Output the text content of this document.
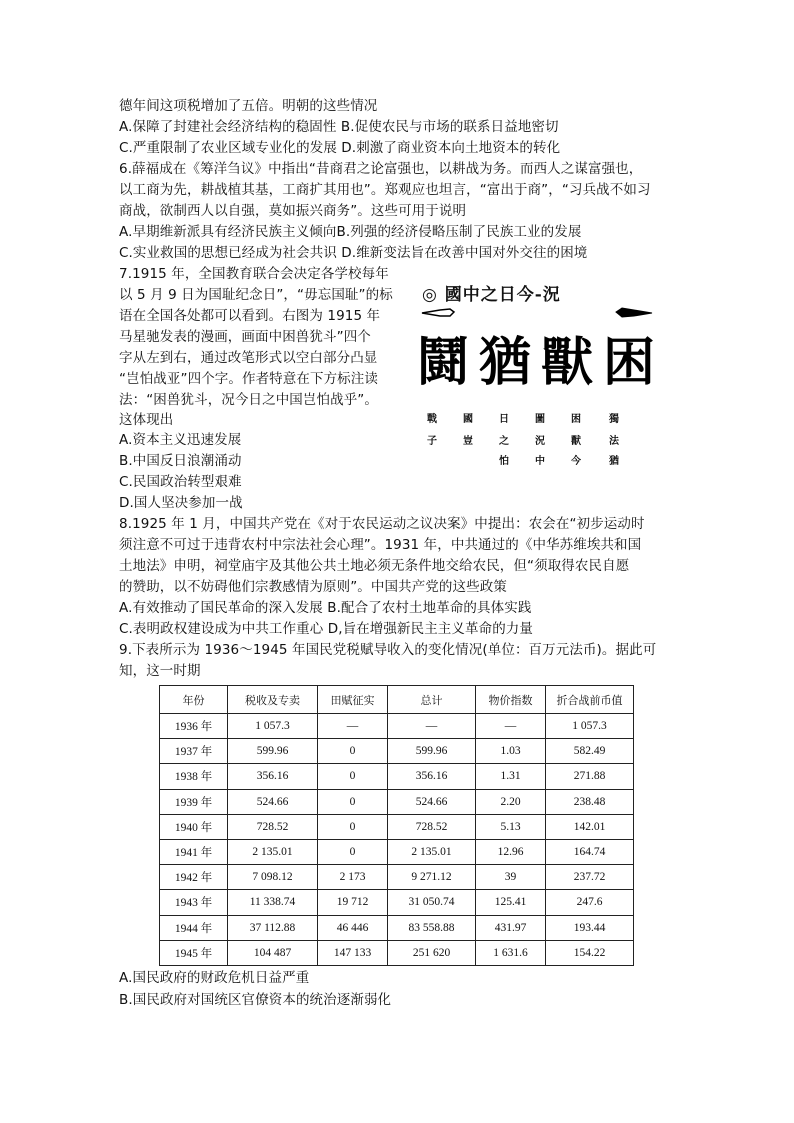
德年间这项税增加了五倍。明朝的这些情况
A.保障了封建社会经济结构的稳固性 B.促使农民与市场的联系日益地密切
C.严重限制了农业区域专业化的发展 D.刺激了商业资本向土地资本的转化
6.薛福成在《筹洋刍议》中指出“昔商君之论富强也，以耕战为务。而西人之谋富强也，
以工商为先，耕战植其基，工商扩其用也”。郑观应也坦言，“富出于商”，“习兵战不如习
商战，欲制西人以自强，莫如振兴商务”。这些可用于说明
A.早期维新派具有经济民族主义倾向B.列强的经济侵略压制了民族工业的发展
C.实业救国的思想已经成为社会共识 D.维新变法旨在改善中国对外交往的困境
7.1915 年，全国教育联合会决定各学校每年
以 5 月 9 日为国耻纪念日”，“毋忘国耻”的标
语在全国各处都可以看到。右图为 1915 年
马星驰发表的漫画，画面中困兽犹斗”四个
字从左到右，通过改笔形式以空白部分凸显
“岂怕战亚”四个字。作者特意在下方标注读
法：“困兽犹斗，况今日之中国岂怕战乎”。
这体现出
A.资本主义迅速发展
B.中国反日浪潮涌动
C.民国政治转型艰难
D.国人坚决参加一战
◎ 國中之日今-況
鬪 猶 獸 困
戰
子
國
豈
日
之
怕
圖
況
中
困
獸
今
獨
法
猶
8.1925 年 1 月，中国共产党在《对于农民运动之议决案》中提出：农会在“初步运动时
须注意不可过于违背农村中宗法社会心理”。1931 年，中共通过的《中华苏维埃共和国
土地法》申明，祠堂庙宇及其他公共土地必须无条件地交给农民，但“须取得农民自愿
的赞助，以不妨碍他们宗教感情为原则”。中国共产党的这些政策
A.有效推动了国民革命的深入发展 B.配合了农村土地革命的具体实践
C.表明政权建设成为中共工作重心 D,旨在增强新民主主义革命的力量
9.下表所示为 1936～1945 年国民党税赋导收入的变化情况(单位：百万元法币)。据此可
知，这一时期
年份	税收及专卖	田赋征实	总计	物价指数	折合战前币值
1936 年	1 057.3	—	—	—	1 057.3
1937 年	599.96	0	599.96	1.03	582.49
1938 年	356.16	0	356.16	1.31	271.88
1939 年	524.66	0	524.66	2.20	238.48
1940 年	728.52	0	728.52	5.13	142.01
1941 年	2 135.01	0	2 135.01	12.96	164.74
1942 年	7 098.12	2 173	9 271.12	39	237.72
1943 年	11 338.74	19 712	31 050.74	125.41	247.6
1944 年	37 112.88	46 446	83 558.88	431.97	193.44
1945 年	104 487	147 133	251 620	1 631.6	154.22
A.国民政府的财政危机日益严重
B.国民政府对国统区官僚资本的统治逐渐弱化
